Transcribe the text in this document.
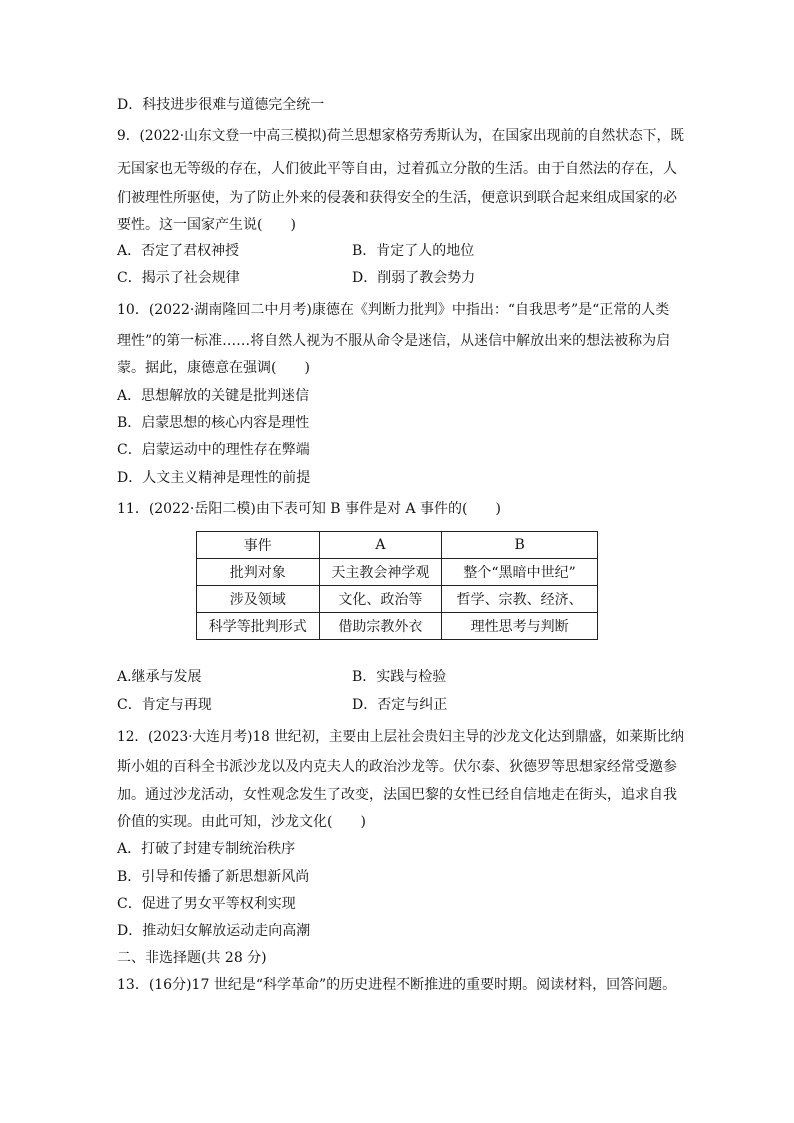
D．科技进步很难与道德完全统一
9．(2022·山东文登一中高三模拟)荷兰思想家格劳秀斯认为，在国家出现前的自然状态下，既
无国家也无等级的存在，人们彼此平等自由，过着孤立分散的生活。由于自然法的存在，人
们被理性所驱使，为了防止外来的侵袭和获得安全的生活，便意识到联合起来组成国家的必
要性。这一国家产生说(　　)
A．否定了君权神授	B．肯定了人的地位
C．揭示了社会规律	D．削弱了教会势力
10．(2022·湖南隆回二中月考)康德在《判断力批判》中指出：“自我思考”是“正常的人类
理性”的第一标准……将自然人视为不服从命令是迷信，从迷信中解放出来的想法被称为启
蒙。据此，康德意在强调(　　)
A．思想解放的关键是批判迷信
B．启蒙思想的核心内容是理性
C．启蒙运动中的理性存在弊端
D．人文主义精神是理性的前提
11．(2022·岳阳二模)由下表可知 B 事件是对 A 事件的(　　)
事件	A	B
批判对象	天主教会神学观	整个“黑暗中世纪”
涉及领域	文化、政治等	哲学、宗教、经济、
科学等批判形式	借助宗教外衣	理性思考与判断
A.继承与发展	B．实践与检验
C．肯定与再现	D．否定与纠正
12．(2023·大连月考)18 世纪初，主要由上层社会贵妇主导的沙龙文化达到鼎盛，如莱斯比纳
斯小姐的百科全书派沙龙以及内克夫人的政治沙龙等。伏尔泰、狄德罗等思想家经常受邀参
加。通过沙龙活动，女性观念发生了改变，法国巴黎的女性已经自信地走在街头，追求自我
价值的实现。由此可知，沙龙文化(　　)
A．打破了封建专制统治秩序
B．引导和传播了新思想新风尚
C．促进了男女平等权利实现
D．推动妇女解放运动走向高潮
二、非选择题(共 28 分)
13．(16分)17 世纪是“科学革命”的历史进程不断推进的重要时期。阅读材料，回答问题。
